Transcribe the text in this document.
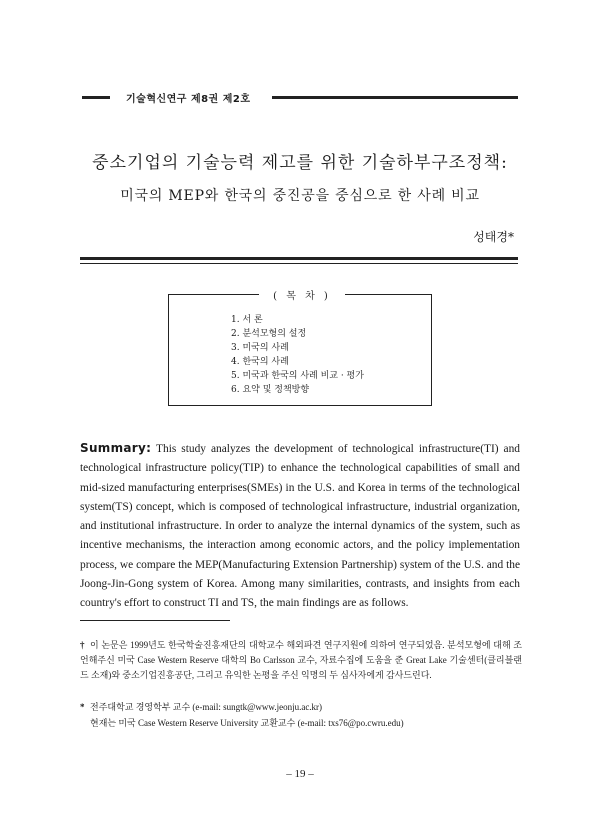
기술혁신연구 제8권 제2호
중소기업의 기술능력 제고를 위한 기술하부구조정책:
미국의 MEP와 한국의 중진공을 중심으로 한 사례 비교
성태경*
( 목 차 )
1. 서 론
2. 분석모형의 설정
3. 미국의 사례
4. 한국의 사례
5. 미국과 한국의 사례 비교 · 평가
6. 요약 및 정책방향
Summary: This study analyzes the development of technological infrastructure(TI) and technological infrastructure policy(TIP) to enhance the technological capabilities of small and mid-sized manufacturing enterprises(SMEs) in the U.S. and Korea in terms of the technological system(TS) concept, which is composed of technological infrastructure, industrial organization, and institutional infrastructure. In order to analyze the internal dynamics of the system, such as incentive mechanisms, the interaction among economic actors, and the policy implementation process, we compare the MEP(Manufacturing Extension Partnership) system of the U.S. and the Joong-Jin-Gong system of Korea. Among many similarities, contrasts, and insights from each country's effort to construct TI and TS, the main findings are as follows.
† 이 논문은 1999년도 한국학술진흥재단의 대학교수 해외파견 연구지원에 의하여 연구되었음. 분석모형에 대해 조언해주신 미국 Case Western Reserve 대학의 Bo Carlsson 교수, 자료수집에 도움을 준 Great Lake 기술센터(클리블랜드 소재)와 중소기업진흥공단, 그리고 유익한 논평을 주신 익명의 두 심사자에게 감사드린다.
* 전주대학교 경영학부 교수 (e-mail: sungtk@www.jeonju.ac.kr)
현재는 미국 Case Western Reserve University 교환교수 (e-mail: txs76@po.cwru.edu)
– 19 –
